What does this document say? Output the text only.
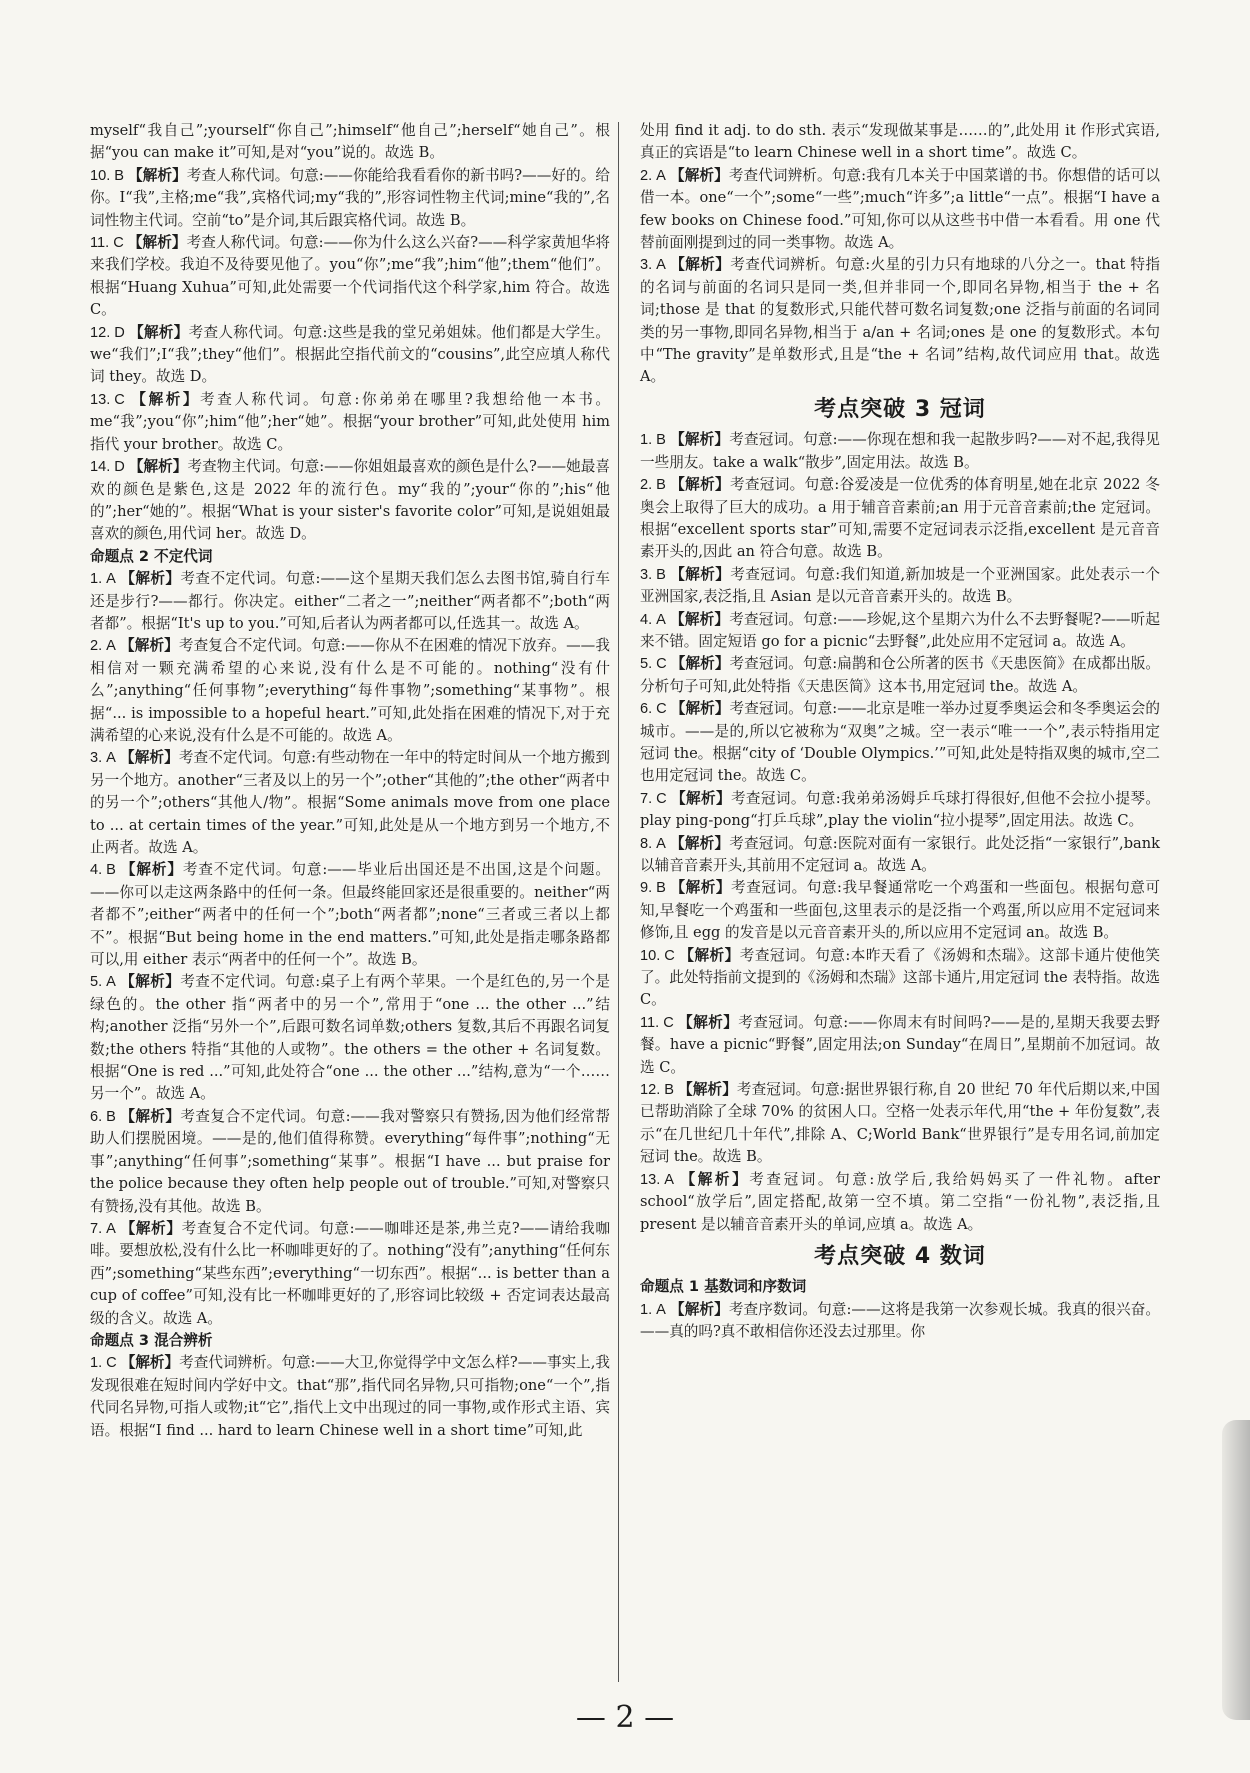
myself“我自己”;yourself“你自己”;himself“他自己”;herself“她自己”。根据“you can make it”可知,是对“you”说的。故选 B。
10. B 【解析】考查人称代词。句意:——你能给我看看你的新书吗?——好的。给你。I“我”,主格;me“我”,宾格代词;my“我的”,形容词性物主代词;mine“我的”,名词性物主代词。空前“to”是介词,其后跟宾格代词。故选 B。
11. C 【解析】考查人称代词。句意:——你为什么这么兴奋?——科学家黄旭华将来我们学校。我迫不及待要见他了。you“你”;me“我”;him“他”;them“他们”。根据“Huang Xuhua”可知,此处需要一个代词指代这个科学家,him 符合。故选 C。
12. D 【解析】考查人称代词。句意:这些是我的堂兄弟姐妹。他们都是大学生。we“我们”;I“我”;they“他们”。根据此空指代前文的“cousins”,此空应填人称代词 they。故选 D。
13. C 【解析】考查人称代词。句意:你弟弟在哪里?我想给他一本书。me“我”;you“你”;him“他”;her“她”。根据“your brother”可知,此处使用 him 指代 your brother。故选 C。
14. D 【解析】考查物主代词。句意:——你姐姐最喜欢的颜色是什么?——她最喜欢的颜色是紫色,这是 2022 年的流行色。my“我的”;your“你的”;his“他的”;her“她的”。根据“What is your sister's favorite color”可知,是说姐姐最喜欢的颜色,用代词 her。故选 D。
命题点 2 不定代词
1. A 【解析】考查不定代词。句意:——这个星期天我们怎么去图书馆,骑自行车还是步行?——都行。你决定。either“二者之一”;neither“两者都不”;both“两者都”。根据“It's up to you.”可知,后者认为两者都可以,任选其一。故选 A。
2. A 【解析】考查复合不定代词。句意:——你从不在困难的情况下放弃。——我相信对一颗充满希望的心来说,没有什么是不可能的。nothing“没有什么”;anything“任何事物”;everything“每件事物”;something“某事物”。根据“... is impossible to a hopeful heart.”可知,此处指在困难的情况下,对于充满希望的心来说,没有什么是不可能的。故选 A。
3. A 【解析】考查不定代词。句意:有些动物在一年中的特定时间从一个地方搬到另一个地方。another“三者及以上的另一个”;other“其他的”;the other“两者中的另一个”;others“其他人/物”。根据“Some animals move from one place to ... at certain times of the year.”可知,此处是从一个地方到另一个地方,不止两者。故选 A。
4. B 【解析】考查不定代词。句意:——毕业后出国还是不出国,这是个问题。——你可以走这两条路中的任何一条。但最终能回家还是很重要的。neither“两者都不”;either“两者中的任何一个”;both“两者都”;none“三者或三者以上都不”。根据“But being home in the end matters.”可知,此处是指走哪条路都可以,用 either 表示“两者中的任何一个”。故选 B。
5. A 【解析】考查不定代词。句意:桌子上有两个苹果。一个是红色的,另一个是绿色的。the other 指“两者中的另一个”,常用于“one ... the other ...”结构;another 泛指“另外一个”,后跟可数名词单数;others 复数,其后不再跟名词复数;the others 特指“其他的人或物”。the others = the other + 名词复数。根据“One is red ...”可知,此处符合“one ... the other ...”结构,意为“一个……另一个”。故选 A。
6. B 【解析】考查复合不定代词。句意:——我对警察只有赞扬,因为他们经常帮助人们摆脱困境。——是的,他们值得称赞。everything“每件事”;nothing“无事”;anything“任何事”;something“某事”。根据“I have ... but praise for the police because they often help people out of trouble.”可知,对警察只有赞扬,没有其他。故选 B。
7. A 【解析】考查复合不定代词。句意:——咖啡还是茶,弗兰克?——请给我咖啡。要想放松,没有什么比一杯咖啡更好的了。nothing“没有”;anything“任何东西”;something“某些东西”;everything“一切东西”。根据“... is better than a cup of coffee”可知,没有比一杯咖啡更好的了,形容词比较级 + 否定词表达最高级的含义。故选 A。
命题点 3 混合辨析
1. C 【解析】考查代词辨析。句意:——大卫,你觉得学中文怎么样?——事实上,我发现很难在短时间内学好中文。that“那”,指代同名异物,只可指物;one“一个”,指代同名异物,可指人或物;it“它”,指代上文中出现过的同一事物,或作形式主语、宾语。根据“I find ... hard to learn Chinese well in a short time”可知,此
处用 find it adj. to do sth. 表示“发现做某事是……的”,此处用 it 作形式宾语,真正的宾语是“to learn Chinese well in a short time”。故选 C。
2. A 【解析】考查代词辨析。句意:我有几本关于中国菜谱的书。你想借的话可以借一本。one“一个”;some“一些”;much“许多”;a little“一点”。根据“I have a few books on Chinese food.”可知,你可以从这些书中借一本看看。用 one 代替前面刚提到过的同一类事物。故选 A。
3. A 【解析】考查代词辨析。句意:火星的引力只有地球的八分之一。that 特指的名词与前面的名词只是同一类,但并非同一个,即同名异物,相当于 the + 名词;those 是 that 的复数形式,只能代替可数名词复数;one 泛指与前面的名词同类的另一事物,即同名异物,相当于 a/an + 名词;ones 是 one 的复数形式。本句中“The gravity”是单数形式,且是“the + 名词”结构,故代词应用 that。故选 A。
考点突破 3 冠词
1. B 【解析】考查冠词。句意:——你现在想和我一起散步吗?——对不起,我得见一些朋友。take a walk“散步”,固定用法。故选 B。
2. B 【解析】考查冠词。句意:谷爱凌是一位优秀的体育明星,她在北京 2022 冬奥会上取得了巨大的成功。a 用于辅音音素前;an 用于元音音素前;the 定冠词。根据“excellent sports star”可知,需要不定冠词表示泛指,excellent 是元音音素开头的,因此 an 符合句意。故选 B。
3. B 【解析】考查冠词。句意:我们知道,新加坡是一个亚洲国家。此处表示一个亚洲国家,表泛指,且 Asian 是以元音音素开头的。故选 B。
4. A 【解析】考查冠词。句意:——珍妮,这个星期六为什么不去野餐呢?——听起来不错。固定短语 go for a picnic“去野餐”,此处应用不定冠词 a。故选 A。
5. C 【解析】考查冠词。句意:扁鹊和仓公所著的医书《天患医简》在成都出版。分析句子可知,此处特指《天患医简》这本书,用定冠词 the。故选 A。
6. C 【解析】考查冠词。句意:——北京是唯一举办过夏季奥运会和冬季奥运会的城市。——是的,所以它被称为“双奥”之城。空一表示“唯一一个”,表示特指用定冠词 the。根据“city of ‘Double Olympics.’”可知,此处是特指双奥的城市,空二也用定冠词 the。故选 C。
7. C 【解析】考查冠词。句意:我弟弟汤姆乒乓球打得很好,但他不会拉小提琴。play ping-pong“打乒乓球”,play the violin“拉小提琴”,固定用法。故选 C。
8. A 【解析】考查冠词。句意:医院对面有一家银行。此处泛指“一家银行”,bank 以辅音音素开头,其前用不定冠词 a。故选 A。
9. B 【解析】考查冠词。句意:我早餐通常吃一个鸡蛋和一些面包。根据句意可知,早餐吃一个鸡蛋和一些面包,这里表示的是泛指一个鸡蛋,所以应用不定冠词来修饰,且 egg 的发音是以元音音素开头的,所以应用不定冠词 an。故选 B。
10. C 【解析】考查冠词。句意:本昨天看了《汤姆和杰瑞》。这部卡通片使他笑了。此处特指前文提到的《汤姆和杰瑞》这部卡通片,用定冠词 the 表特指。故选 C。
11. C 【解析】考查冠词。句意:——你周末有时间吗?——是的,星期天我要去野餐。have a picnic“野餐”,固定用法;on Sunday“在周日”,星期前不加冠词。故选 C。
12. B 【解析】考查冠词。句意:据世界银行称,自 20 世纪 70 年代后期以来,中国已帮助消除了全球 70% 的贫困人口。空格一处表示年代,用“the + 年份复数”,表示“在几世纪几十年代”,排除 A、C;World Bank“世界银行”是专用名词,前加定冠词 the。故选 B。
13. A 【解析】考查冠词。句意:放学后,我给妈妈买了一件礼物。after school“放学后”,固定搭配,故第一空不填。第二空指“一份礼物”,表泛指,且 present 是以辅音音素开头的单词,应填 a。故选 A。
考点突破 4 数词
命题点 1 基数词和序数词
1. A 【解析】考查序数词。句意:——这将是我第一次参观长城。我真的很兴奋。——真的吗?真不敢相信你还没去过那里。你
— 2 —
